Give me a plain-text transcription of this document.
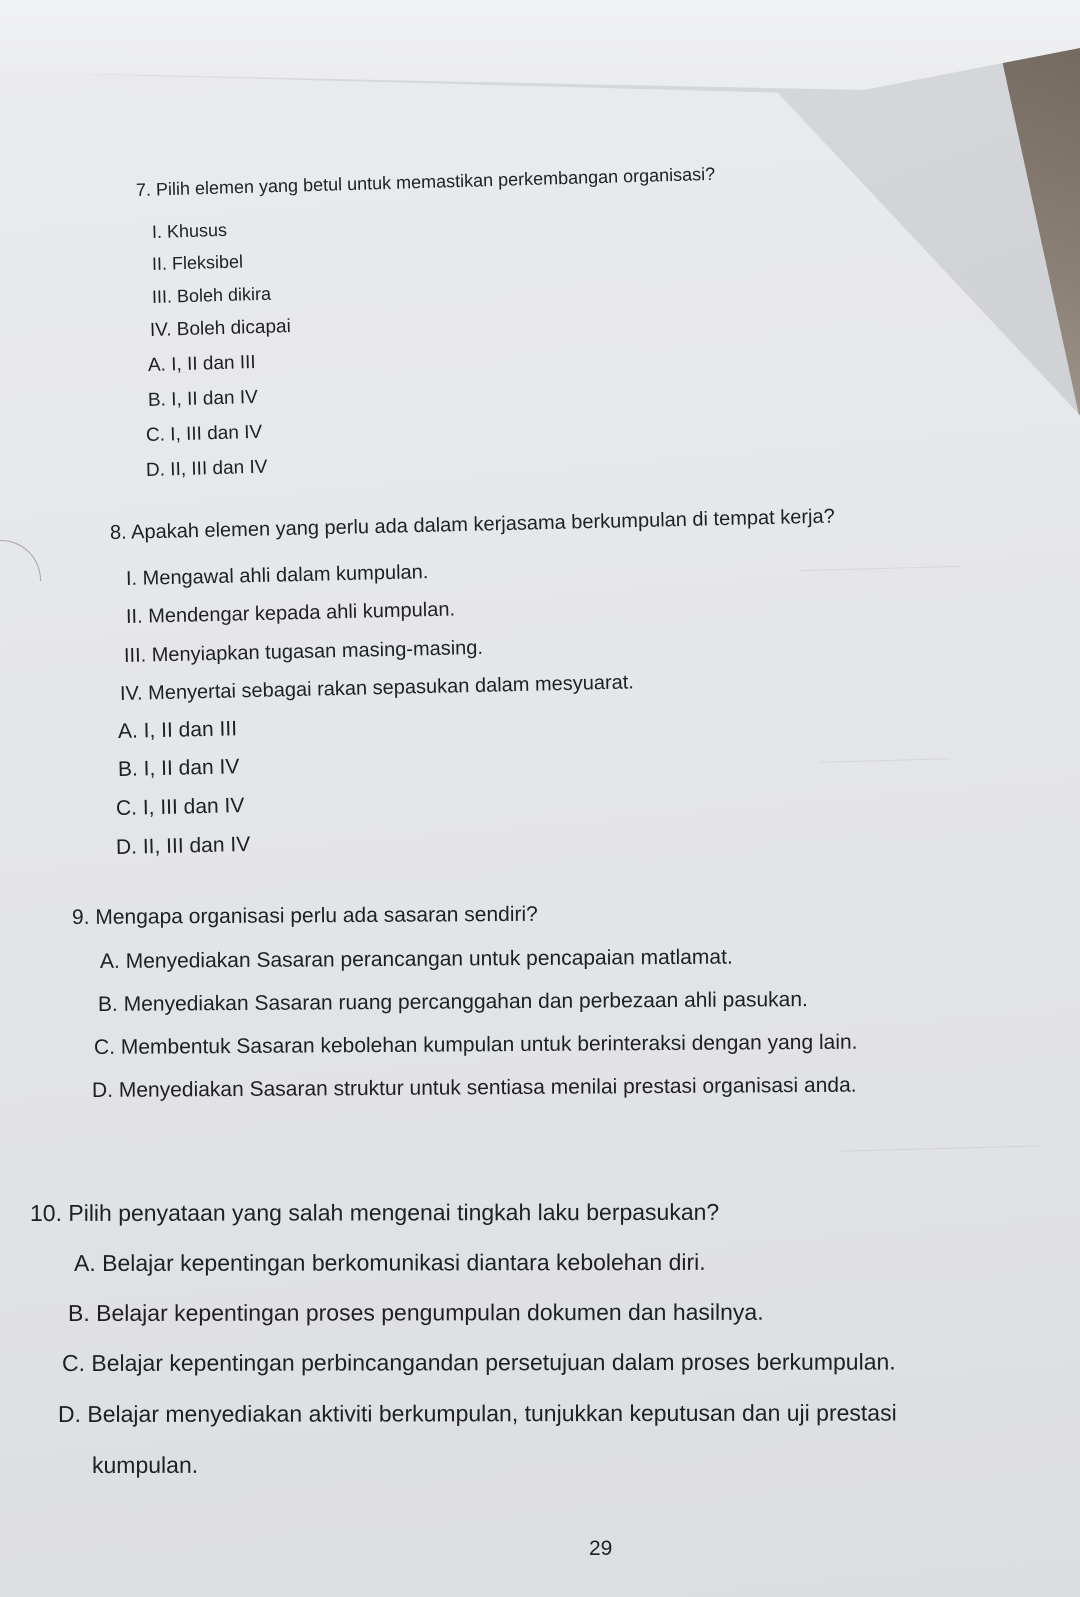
7. Pilih elemen yang betul untuk memastikan perkembangan organisasi?

I. Khusus

II. Fleksibel

III. Boleh dikira

IV. Boleh dicapai

A. I, II dan III

B. I, II dan IV

C. I, III dan IV

D. II, III dan IV

8. Apakah elemen yang perlu ada dalam kerjasama berkumpulan di tempat kerja?

I. Mengawal ahli dalam kumpulan.

II. Mendengar kepada ahli kumpulan.

III. Menyiapkan tugasan masing-masing.

IV. Menyertai sebagai rakan sepasukan dalam mesyuarat.

A. I, II dan III

B. I, II dan IV

C. I, III dan IV

D. II, III dan IV

9. Mengapa organisasi perlu ada sasaran sendiri?

A. Menyediakan Sasaran perancangan untuk pencapaian matlamat.

B. Menyediakan Sasaran ruang percanggahan dan perbezaan ahli pasukan.

C. Membentuk Sasaran kebolehan kumpulan untuk berinteraksi dengan yang lain.

D. Menyediakan Sasaran struktur untuk sentiasa menilai prestasi organisasi anda.

10. Pilih penyataan yang salah mengenai tingkah laku berpasukan?

A. Belajar kepentingan berkomunikasi diantara kebolehan diri.

B. Belajar kepentingan proses pengumpulan dokumen dan hasilnya.

C. Belajar kepentingan perbincangandan persetujuan dalam proses berkumpulan.

D. Belajar menyediakan aktiviti berkumpulan, tunjukkan keputusan dan uji prestasi

kumpulan.

29
